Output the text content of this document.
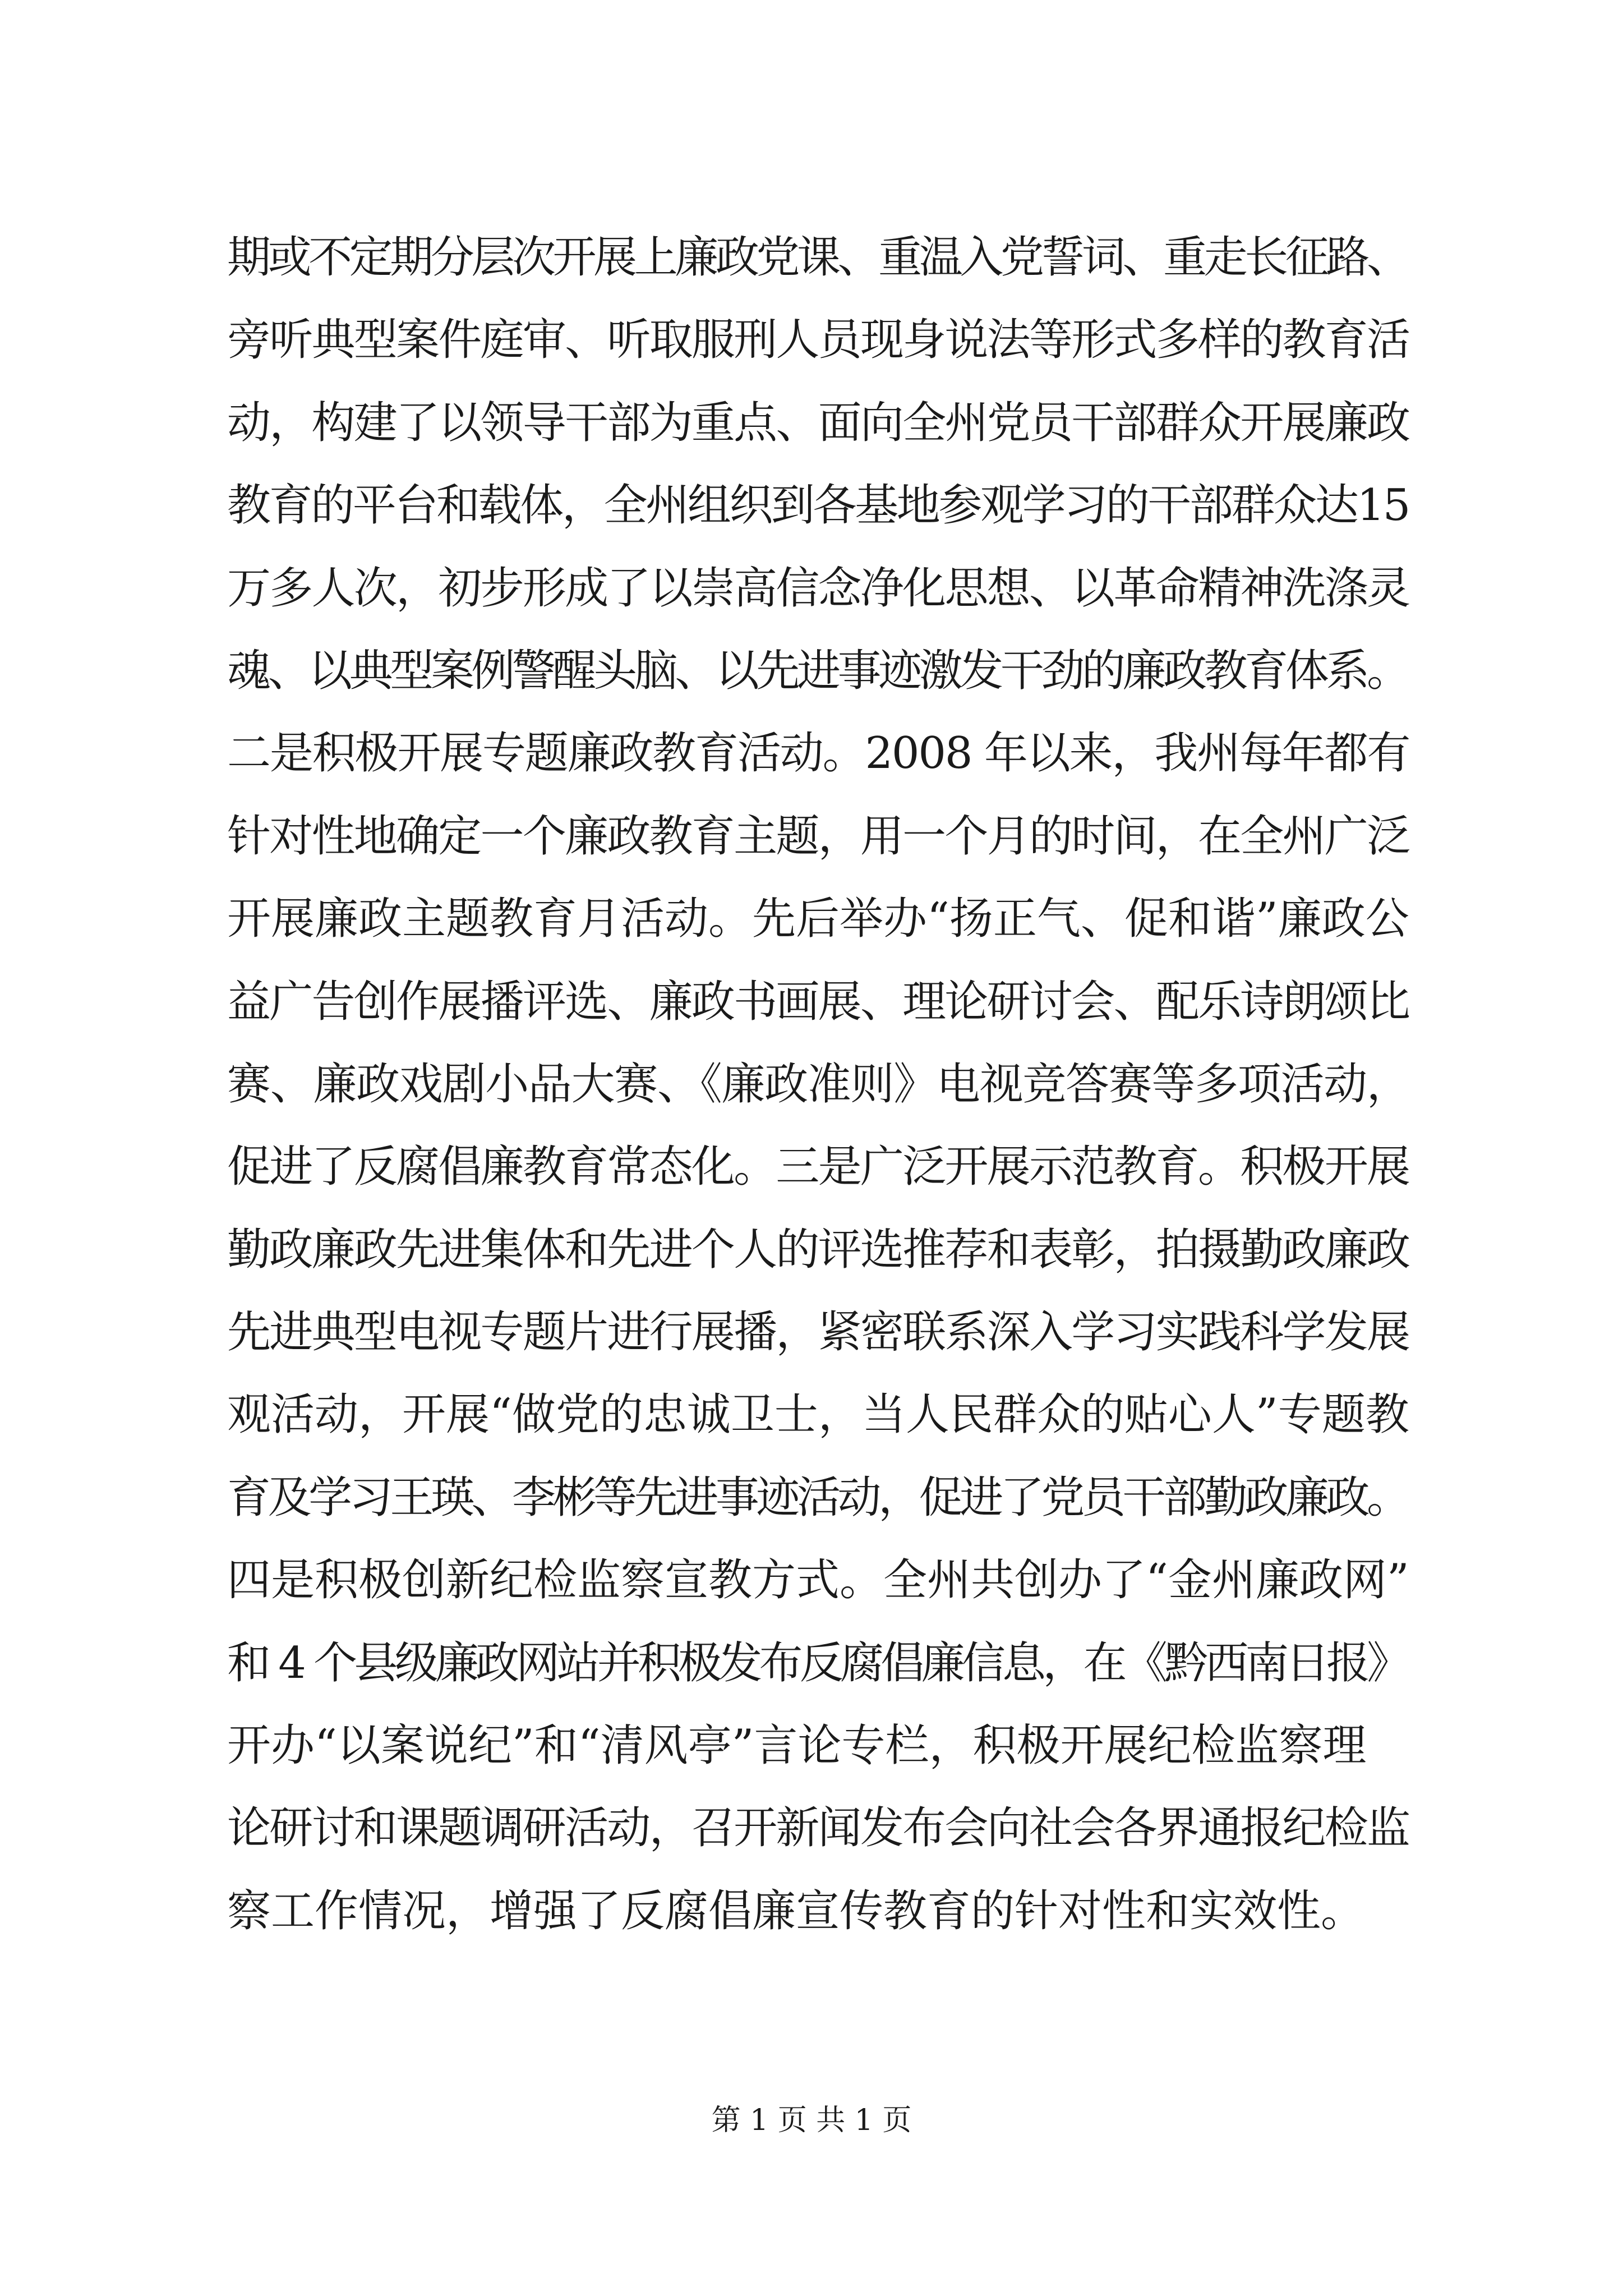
期或不定期分层次开展上廉政党课、重温入党誓词、重走长征路、
旁听典型案件庭审、听取服刑人员现身说法等形式多样的教育活
动，构建了以领导干部为重点、面向全州党员干部群众开展廉政
教育的平台和载体，全州组织到各基地参观学习的干部群众达15
万多人次，初步形成了以崇高信念净化思想、以革命精神洗涤灵
魂、以典型案例警醒头脑、以先进事迹激发干劲的廉政教育体系。
二是积极开展专题廉政教育活动。2008 年以来，我州每年都有
针对性地确定一个廉政教育主题，用一个月的时间，在全州广泛
开展廉政主题教育月活动。先后举办“扬正气、促和谐”廉政公
益广告创作展播评选、廉政书画展、理论研讨会、配乐诗朗颂比
赛、廉政戏剧小品大赛、《廉政准则》电视竞答赛等多项活动，
促进了反腐倡廉教育常态化。三是广泛开展示范教育。积极开展
勤政廉政先进集体和先进个人的评选推荐和表彰，拍摄勤政廉政
先进典型电视专题片进行展播，紧密联系深入学习实践科学发展
观活动，开展“做党的忠诚卫士，当人民群众的贴心人”专题教
育及学习王瑛、李彬等先进事迹活动，促进了党员干部勤政廉政。
四是积极创新纪检监察宣教方式。全州共创办了“金州廉政网”
和 4 个县级廉政网站并积极发布反腐倡廉信息，在《黔西南日报》
开办“以案说纪”和“清风亭”言论专栏，积极开展纪检监察理
论研讨和课题调研活动，召开新闻发布会向社会各界通报纪检监
察工作情况，增强了反腐倡廉宣传教育的针对性和实效性。
第 1 页 共 1 页
